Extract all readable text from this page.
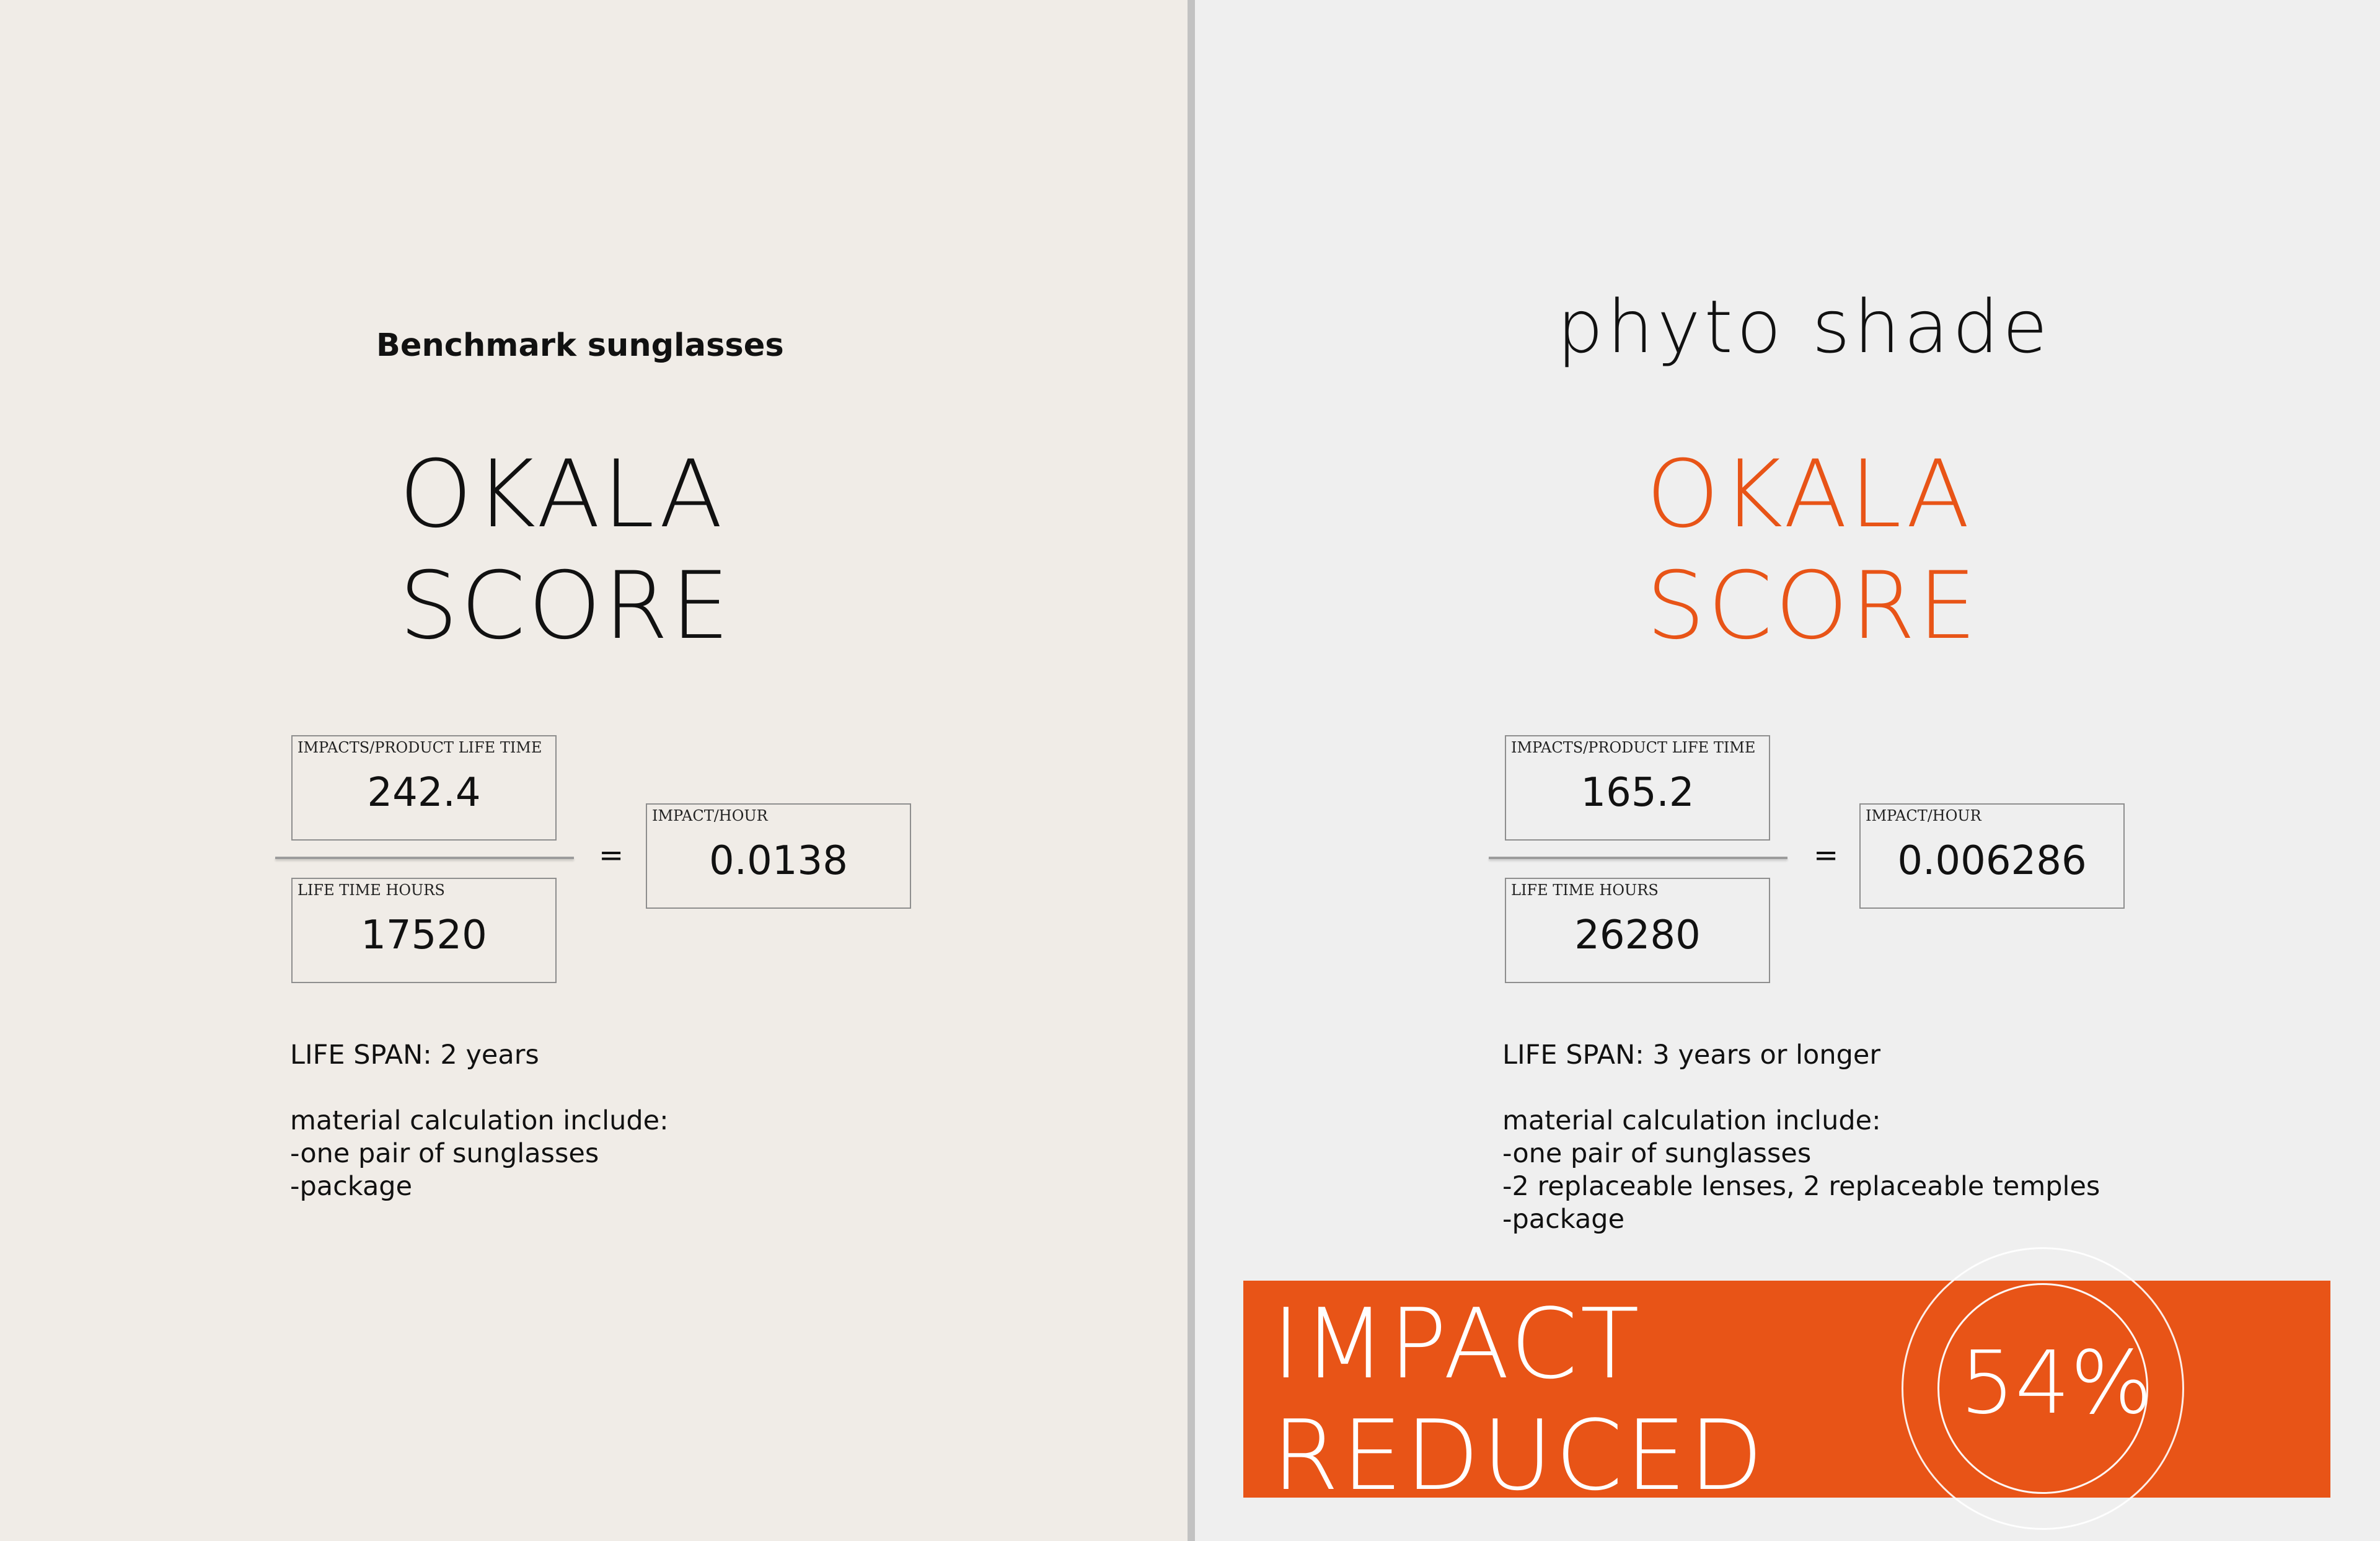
Benchmark sunglasses
OKALA
SCORE
IMPACTS/PRODUCT LIFE TIME
242.4
LIFE TIME HOURS
17520
=
IMPACT/HOUR
0.0138
LIFE SPAN: 2 years
material calculation include:
-one pair of sunglasses
-package
phyto shade
OKALA
SCORE
IMPACTS/PRODUCT LIFE TIME
165.2
LIFE TIME HOURS
26280
=
IMPACT/HOUR
0.006286
LIFE SPAN: 3 years or longer
material calculation include:
-one pair of sunglasses
-2 replaceable lenses, 2 replaceable temples
-package
IMPACT
REDUCED
54%
